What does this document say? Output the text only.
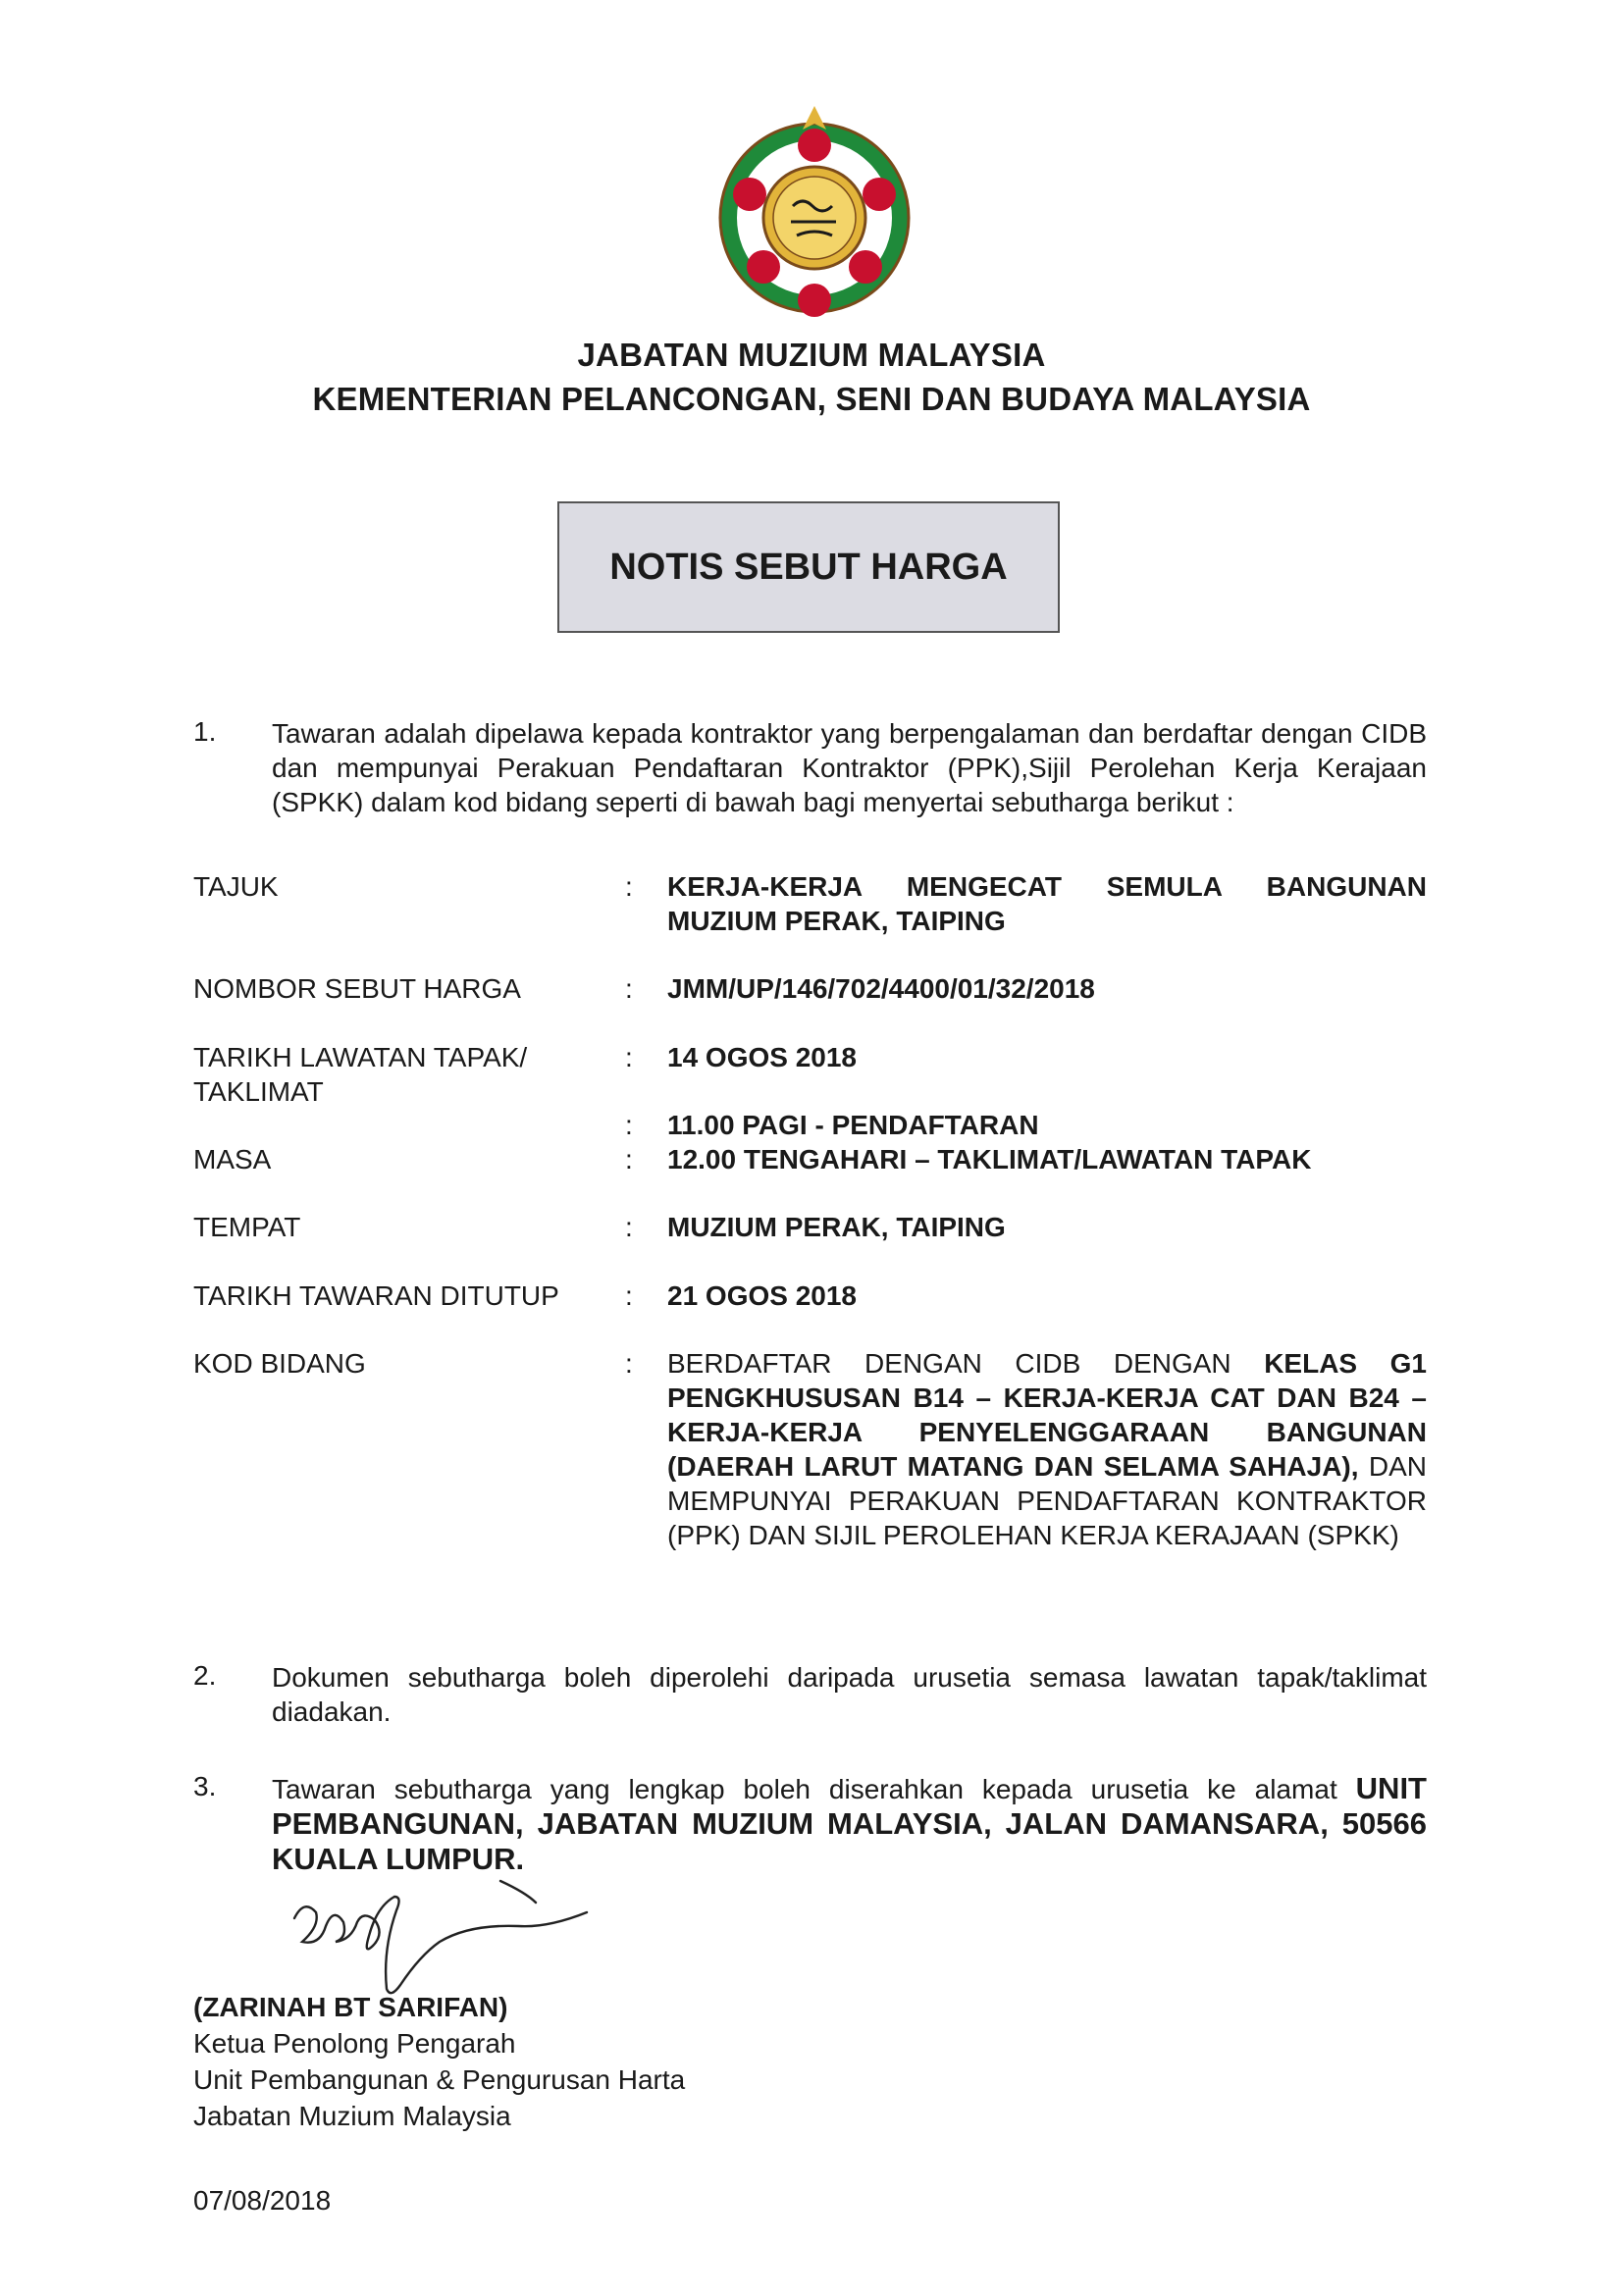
JABATAN MUZIUM MALAYSIA
KEMENTERIAN PELANCONGAN, SENI DAN BUDAYA MALAYSIA
NOTIS SEBUT HARGA
1. Tawaran adalah dipelawa kepada kontraktor yang berpengalaman dan berdaftar dengan CIDB dan mempunyai Perakuan Pendaftaran Kontraktor (PPK),Sijil Perolehan Kerja Kerajaan (SPKK) dalam kod bidang seperti di bawah bagi menyertai sebutharga berikut :
TAJUK	: KERJA-KERJA MENGECAT SEMULA BANGUNAN MUZIUM PERAK, TAIPING
NOMBOR SEBUT HARGA	: JMM/UP/146/702/4400/01/32/2018
TARIKH LAWATAN TAPAK/ TAKLIMAT
: 14 OGOS 2018
: 11.00 PAGI - PENDAFTARAN
MASA	: 12.00 TENGAHARI – TAKLIMAT/LAWATAN TAPAK
TEMPAT	: MUZIUM PERAK, TAIPING
TARIKH TAWARAN DITUTUP : 21 OGOS 2018
KOD BIDANG	: BERDAFTAR DENGAN CIDB DENGAN KELAS G1 PENGKHUSUSAN B14 – KERJA-KERJA CAT DAN B24 – KERJA-KERJA PENYELENGGARAAN BANGUNAN (DAERAH LARUT MATANG DAN SELAMA SAHAJA), DAN MEMPUNYAI PERAKUAN PENDAFTARAN KONTRAKTOR (PPK) DAN SIJIL PEROLEHAN KERJA KERAJAAN (SPKK)
2. Dokumen sebutharga boleh diperolehi daripada urusetia semasa lawatan tapak/taklimat diadakan.
3. Tawaran sebutharga yang lengkap boleh diserahkan kepada urusetia ke alamat UNIT PEMBANGUNAN, JABATAN MUZIUM MALAYSIA, JALAN DAMANSARA, 50566 KUALA LUMPUR.
(ZARINAH BT SARIFAN)
Ketua Penolong Pengarah
Unit Pembangunan & Pengurusan Harta
Jabatan Muzium Malaysia
07/08/2018
